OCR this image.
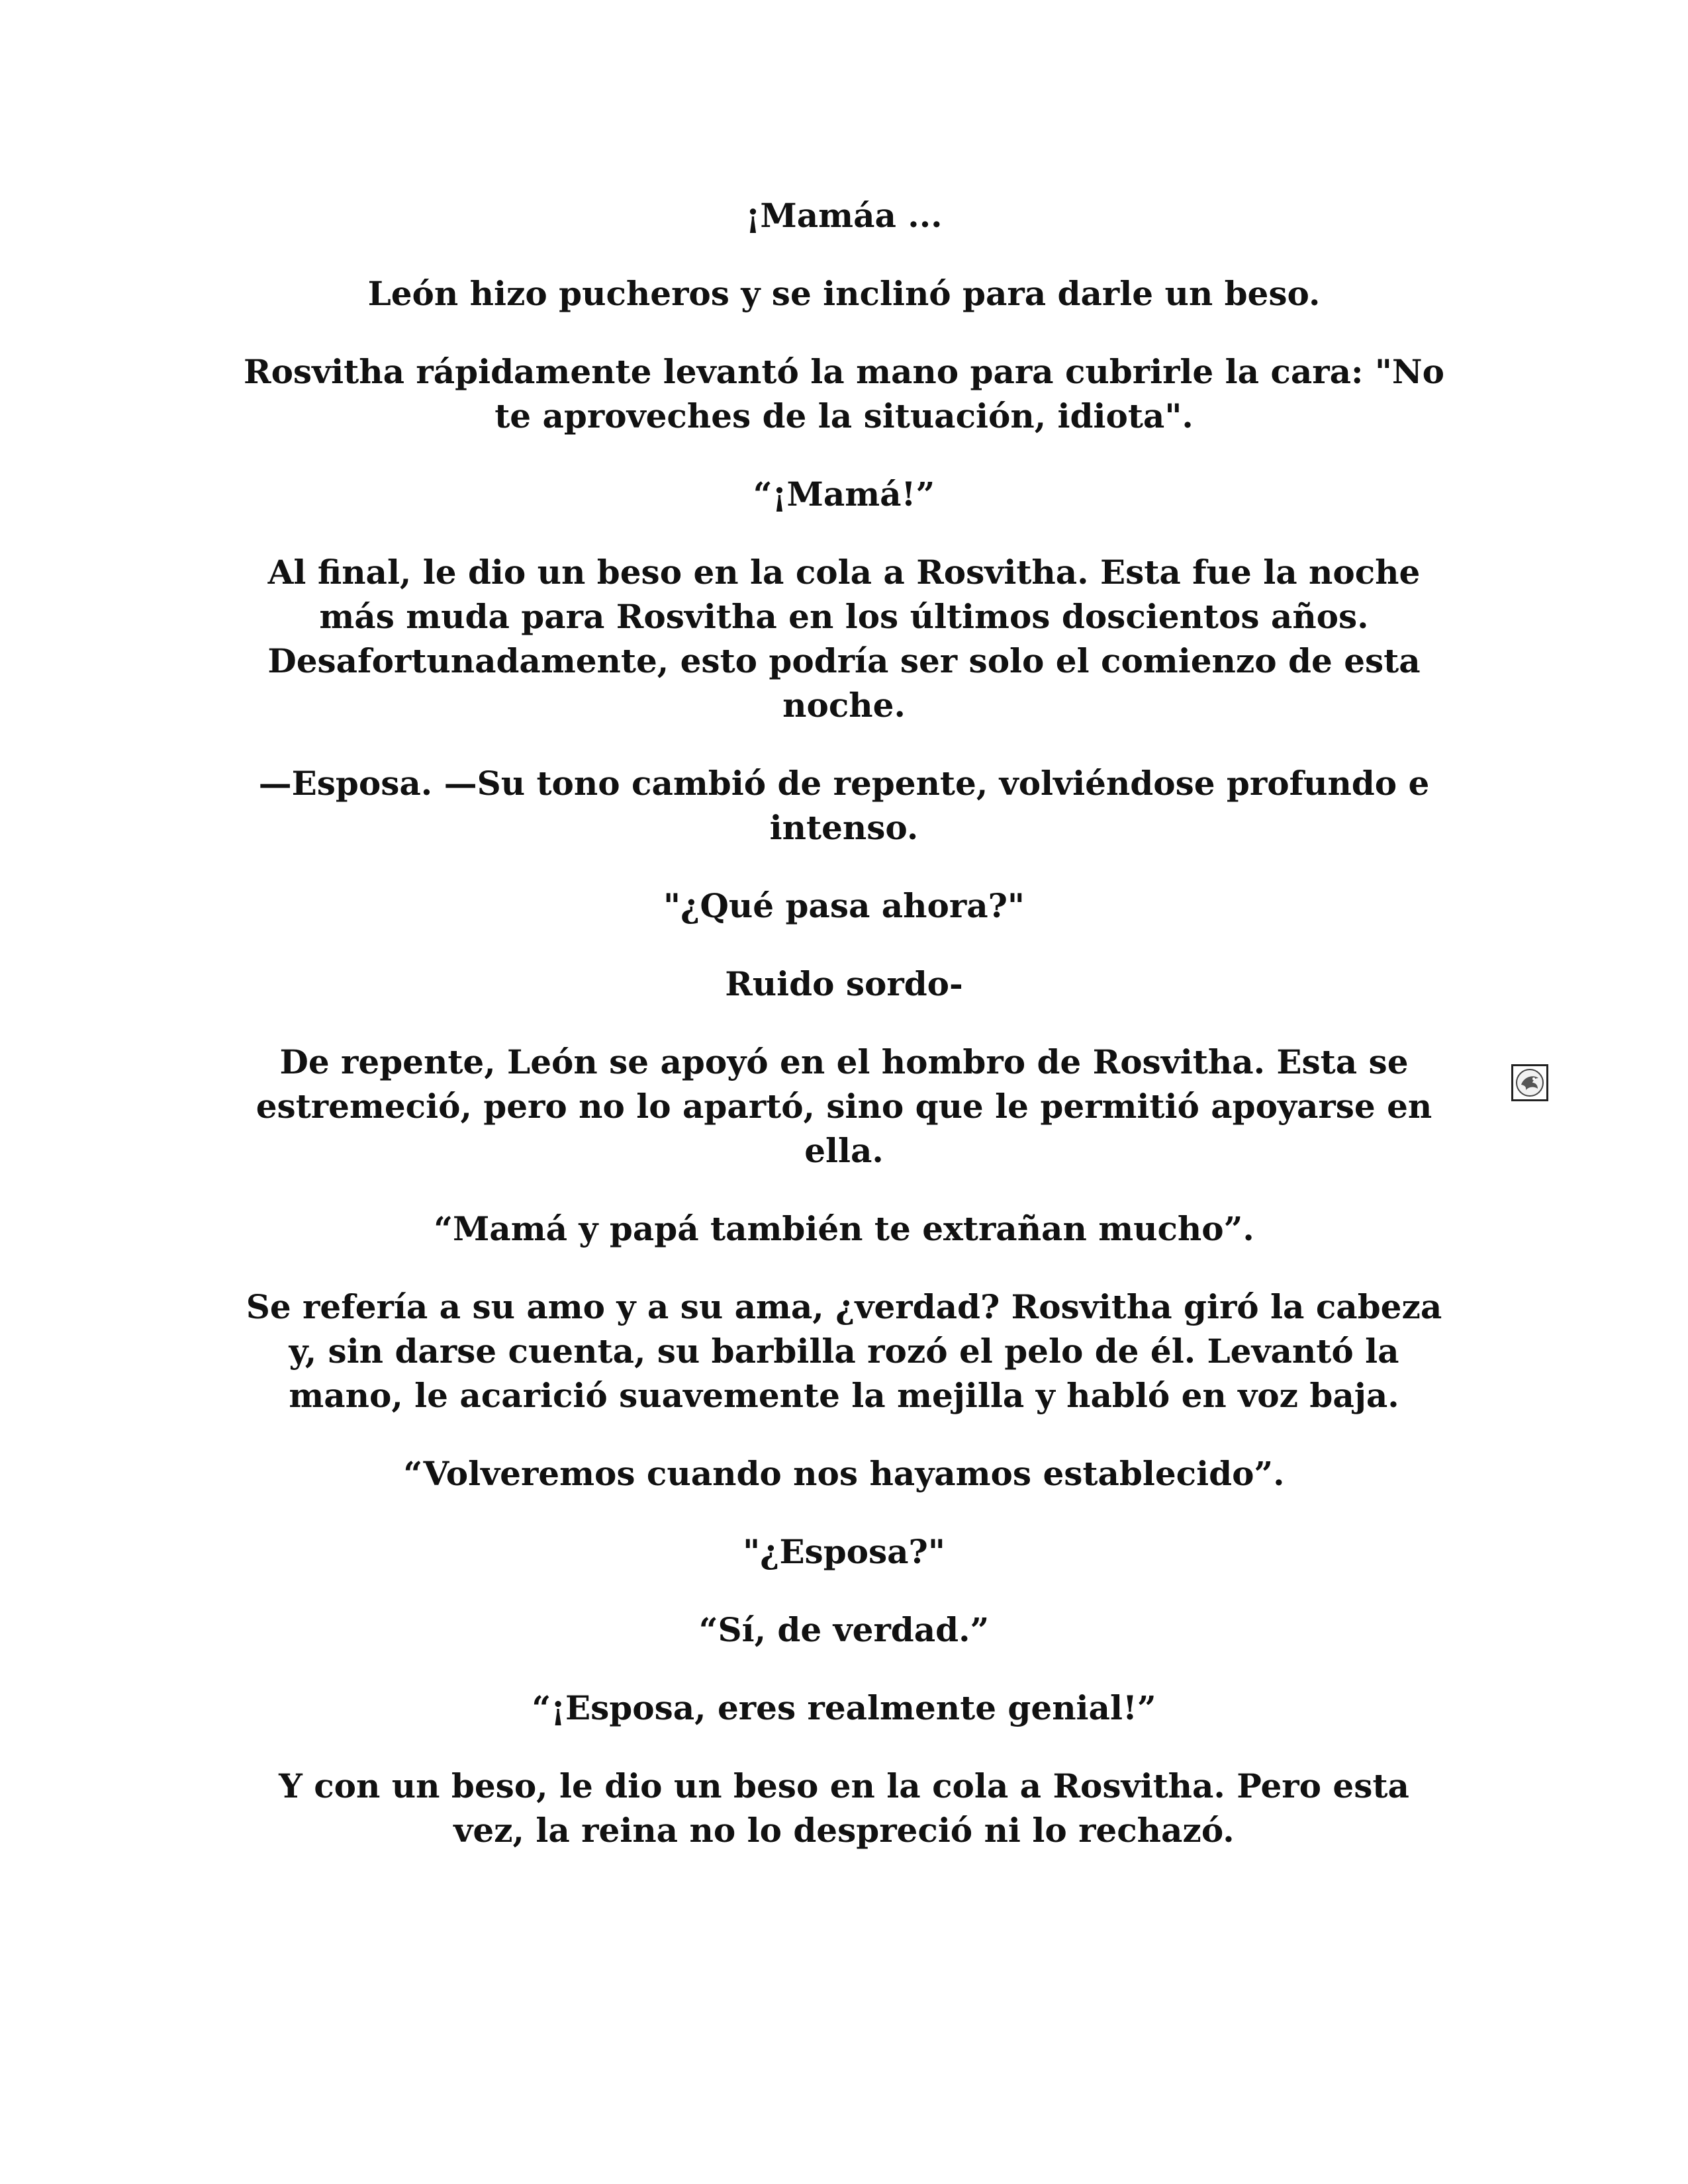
¡Mamáa ...

León hizo pucheros y se inclinó para darle un beso.

Rosvitha rápidamente levantó la mano para cubrirle la cara: "No te aproveches de la situación, idiota".

“¡Mamá!”

Al final, le dio un beso en la cola a Rosvitha. Esta fue la noche más muda para Rosvitha en los últimos doscientos años. Desafortunadamente, esto podría ser solo el comienzo de esta noche.

—Esposa. —Su tono cambió de repente, volviéndose profundo e intenso.

"¿Qué pasa ahora?"

Ruido sordo-

De repente, León se apoyó en el hombro de Rosvitha. Esta se estremeció, pero no lo apartó, sino que le permitió apoyarse en ella.

“Mamá y papá también te extrañan mucho”.

Se refería a su amo y a su ama, ¿verdad? Rosvitha giró la cabeza y, sin darse cuenta, su barbilla rozó el pelo de él. Levantó la mano, le acarició suavemente la mejilla y habló en voz baja.

“Volveremos cuando nos hayamos establecido”.

"¿Esposa?"

“Sí, de verdad.”

“¡Esposa, eres realmente genial!”

Y con un beso, le dio un beso en la cola a Rosvitha. Pero esta vez, la reina no lo despreció ni lo rechazó.
